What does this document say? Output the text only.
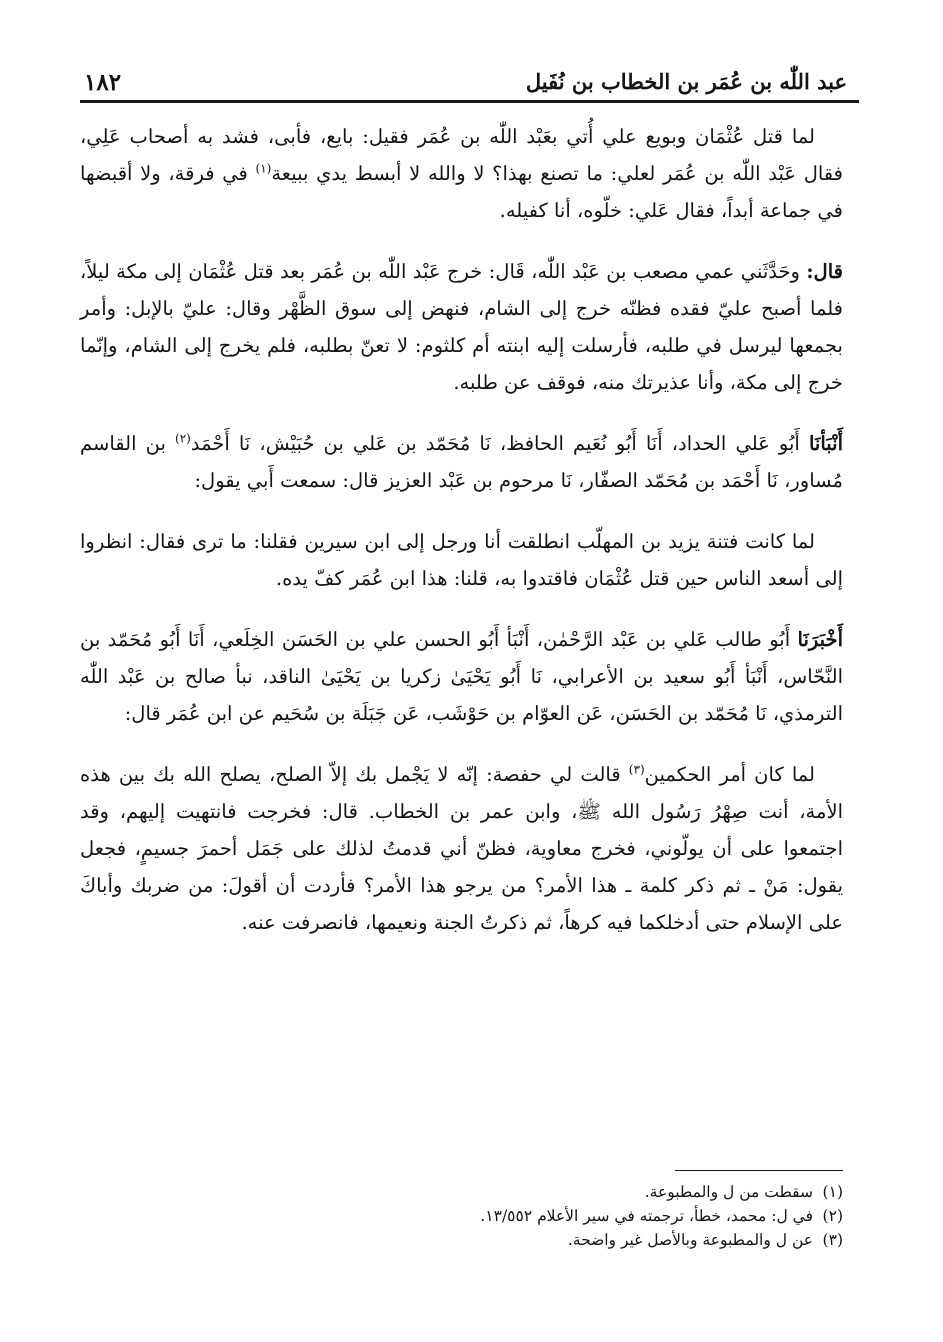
عبد اللّٰه بن عُمَر بن الخطاب بن نُفَيل
١٨٢

لما قتل عُثْمَان وبويع علي أُتي بعَبْد اللّٰه بن عُمَر فقيل: بايع، فأبى، فشد به أصحاب عَلِي، فقال عَبْد اللّٰه بن عُمَر لعلي: ما تصنع بهذا؟ لا والله لا أبسط يدي ببيعة$^{(١)}$ في فرقة، ولا أقبضها في جماعة أبداً، فقال عَلي: خلّوه، أنا كفيله.

قال: وحَدَّثَني عمي مصعب بن عَبْد اللّٰه، قَال: خرج عَبْد اللّٰه بن عُمَر بعد قتل عُثْمَان إلى مكة ليلاً، فلما أصبح عليّ فقده فظنّه خرج إلى الشام، فنهض إلى سوق الظَّهْر وقال: عليّ بالإبل: وأمر بجمعها ليرسل في طلبه، فأرسلت إليه ابنته أم كلثوم: لا تعنّ بطلبه، فلم يخرج إلى الشام، وإنّما خرج إلى مكة، وأنا عذيرتك منه، فوقف عن طلبه.

أَنْبَأنَا أَبُو عَلي الحداد، أَنَا أَبُو نُعَيم الحافظ، نَا مُحَمّد بن عَلي بن حُبَيْش، نَا أَحْمَد$^{(٢)}$ بن القاسم مُساور، نَا أَحْمَد بن مُحَمّد الصفّار، نَا مرحوم بن عَبْد العزيز قال: سمعت أَبي يقول:

لما كانت فتنة يزيد بن المهلّب انطلقت أنا ورجل إلى ابن سيرين فقلنا: ما ترى فقال: انظروا إلى أسعد الناس حين قتل عُثْمَان فاقتدوا به، قلنا: هذا ابن عُمَر كفّ يده.

أَخْبَرَنَا أَبُو طالب عَلي بن عَبْد الرَّحْمٰن، أَنْبَأ أَبُو الحسن علي بن الحَسَن الخِلَعي، أَنَا أَبُو مُحَمّد بن النَّحّاس، أَنْبَأ أَبُو سعيد بن الأعرابي، نَا أَبُو يَحْيَىٰ زكريا بن يَحْيَىٰ الناقد، نبأ صالح بن عَبْد اللّٰه الترمذي، نَا مُحَمّد بن الحَسَن، عَن العوّام بن حَوْشَب، عَن جَبَلَة بن سُحَيم عن ابن عُمَر قال:

لما كان أمر الحكمين$^{(٣)}$ قالت لي حفصة: إنّه لا يَجْمل بك إلاّ الصلح، يصلح الله بك بين هذه الأمة، أنت صِهْرُ رَسُول الله ﷺ، وابن عمر بن الخطاب. قال: فخرجت فانتهيت إليهم، وقد اجتمعوا على أن يولّوني، فخرج معاوية، فظنّ أني قدمتُ لذلك على جَمَل أحمرَ جسيمٍ، فجعل يقول: مَنْ ـ ثم ذكر كلمة ـ هذا الأمر؟ من يرجو هذا الأمر؟ فأردت أن أقولَ: من ضربك وأباكَ على الإسلام حتى أدخلكما فيه كرهاً، ثم ذكرتُ الجنة ونعيمها، فانصرفت عنه.

(١)سقطت من ل والمطبوعة.
(٢)في ل: محمد، خطأ، ترجمته في سير الأعلام ١٣/٥٥٢.
(٣)عن ل والمطبوعة وبالأصل غير واضحة.
